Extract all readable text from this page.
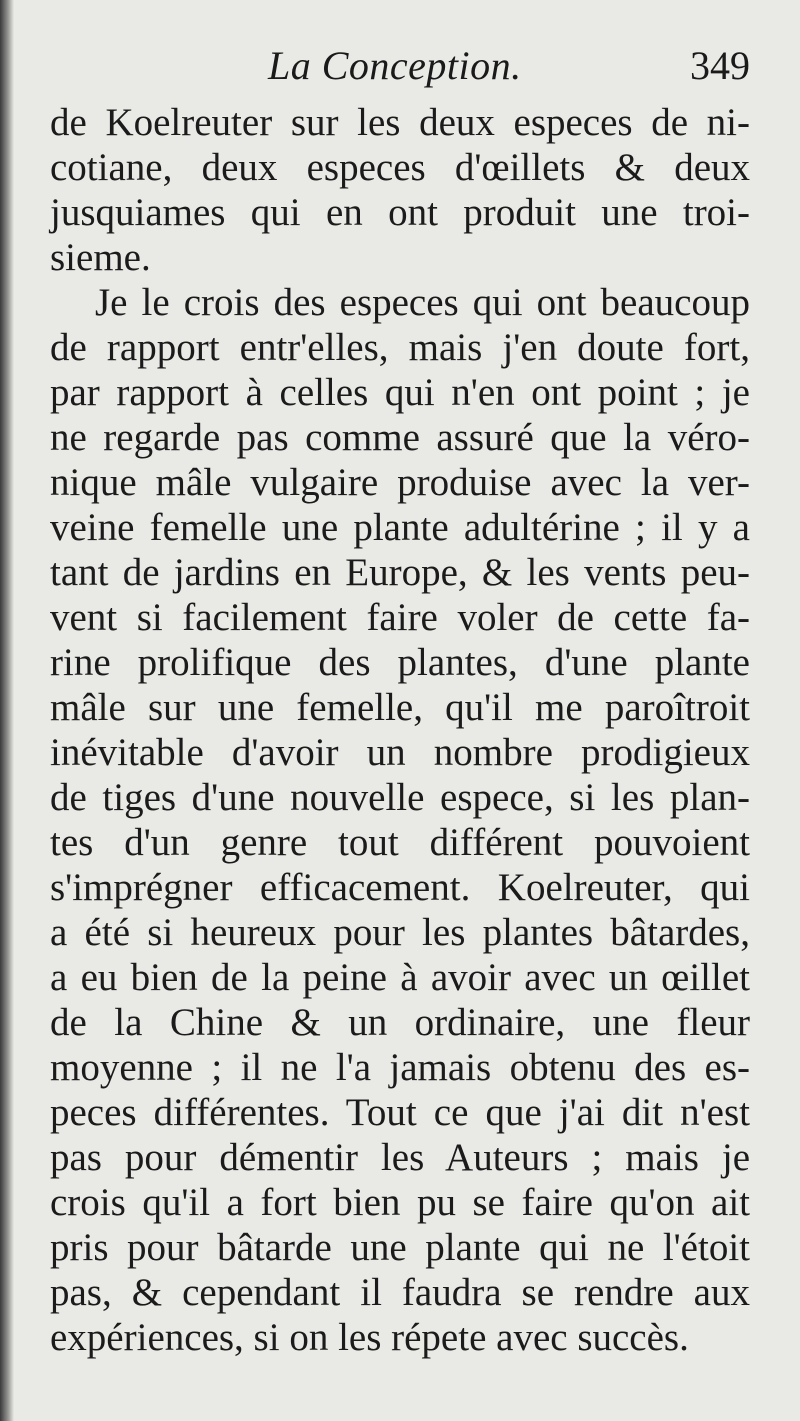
La Conception.	349
de Koelreuter sur les deux especes de ni-
cotiane, deux especes d'œillets & deux
jusquiames qui en ont produit une troi-
sieme.
Je le crois des especes qui ont beaucoup
de rapport entr'elles, mais j'en doute fort,
par rapport à celles qui n'en ont point ; je
ne regarde pas comme assuré que la véro-
nique mâle vulgaire produise avec la ver-
veine femelle une plante adultérine ; il y a
tant de jardins en Europe, & les vents peu-
vent si facilement faire voler de cette fa-
rine prolifique des plantes, d'une plante
mâle sur une femelle, qu'il me paroîtroit
inévitable d'avoir un nombre prodigieux
de tiges d'une nouvelle espece, si les plan-
tes d'un genre tout différent pouvoient
s'imprégner efficacement. Koelreuter, qui
a été si heureux pour les plantes bâtardes,
a eu bien de la peine à avoir avec un œillet
de la Chine & un ordinaire, une fleur
moyenne ; il ne l'a jamais obtenu des es-
peces différentes. Tout ce que j'ai dit n'est
pas pour démentir les Auteurs ; mais je
crois qu'il a fort bien pu se faire qu'on ait
pris pour bâtarde une plante qui ne l'étoit
pas, & cependant il faudra se rendre aux
expériences, si on les répete avec succès.
